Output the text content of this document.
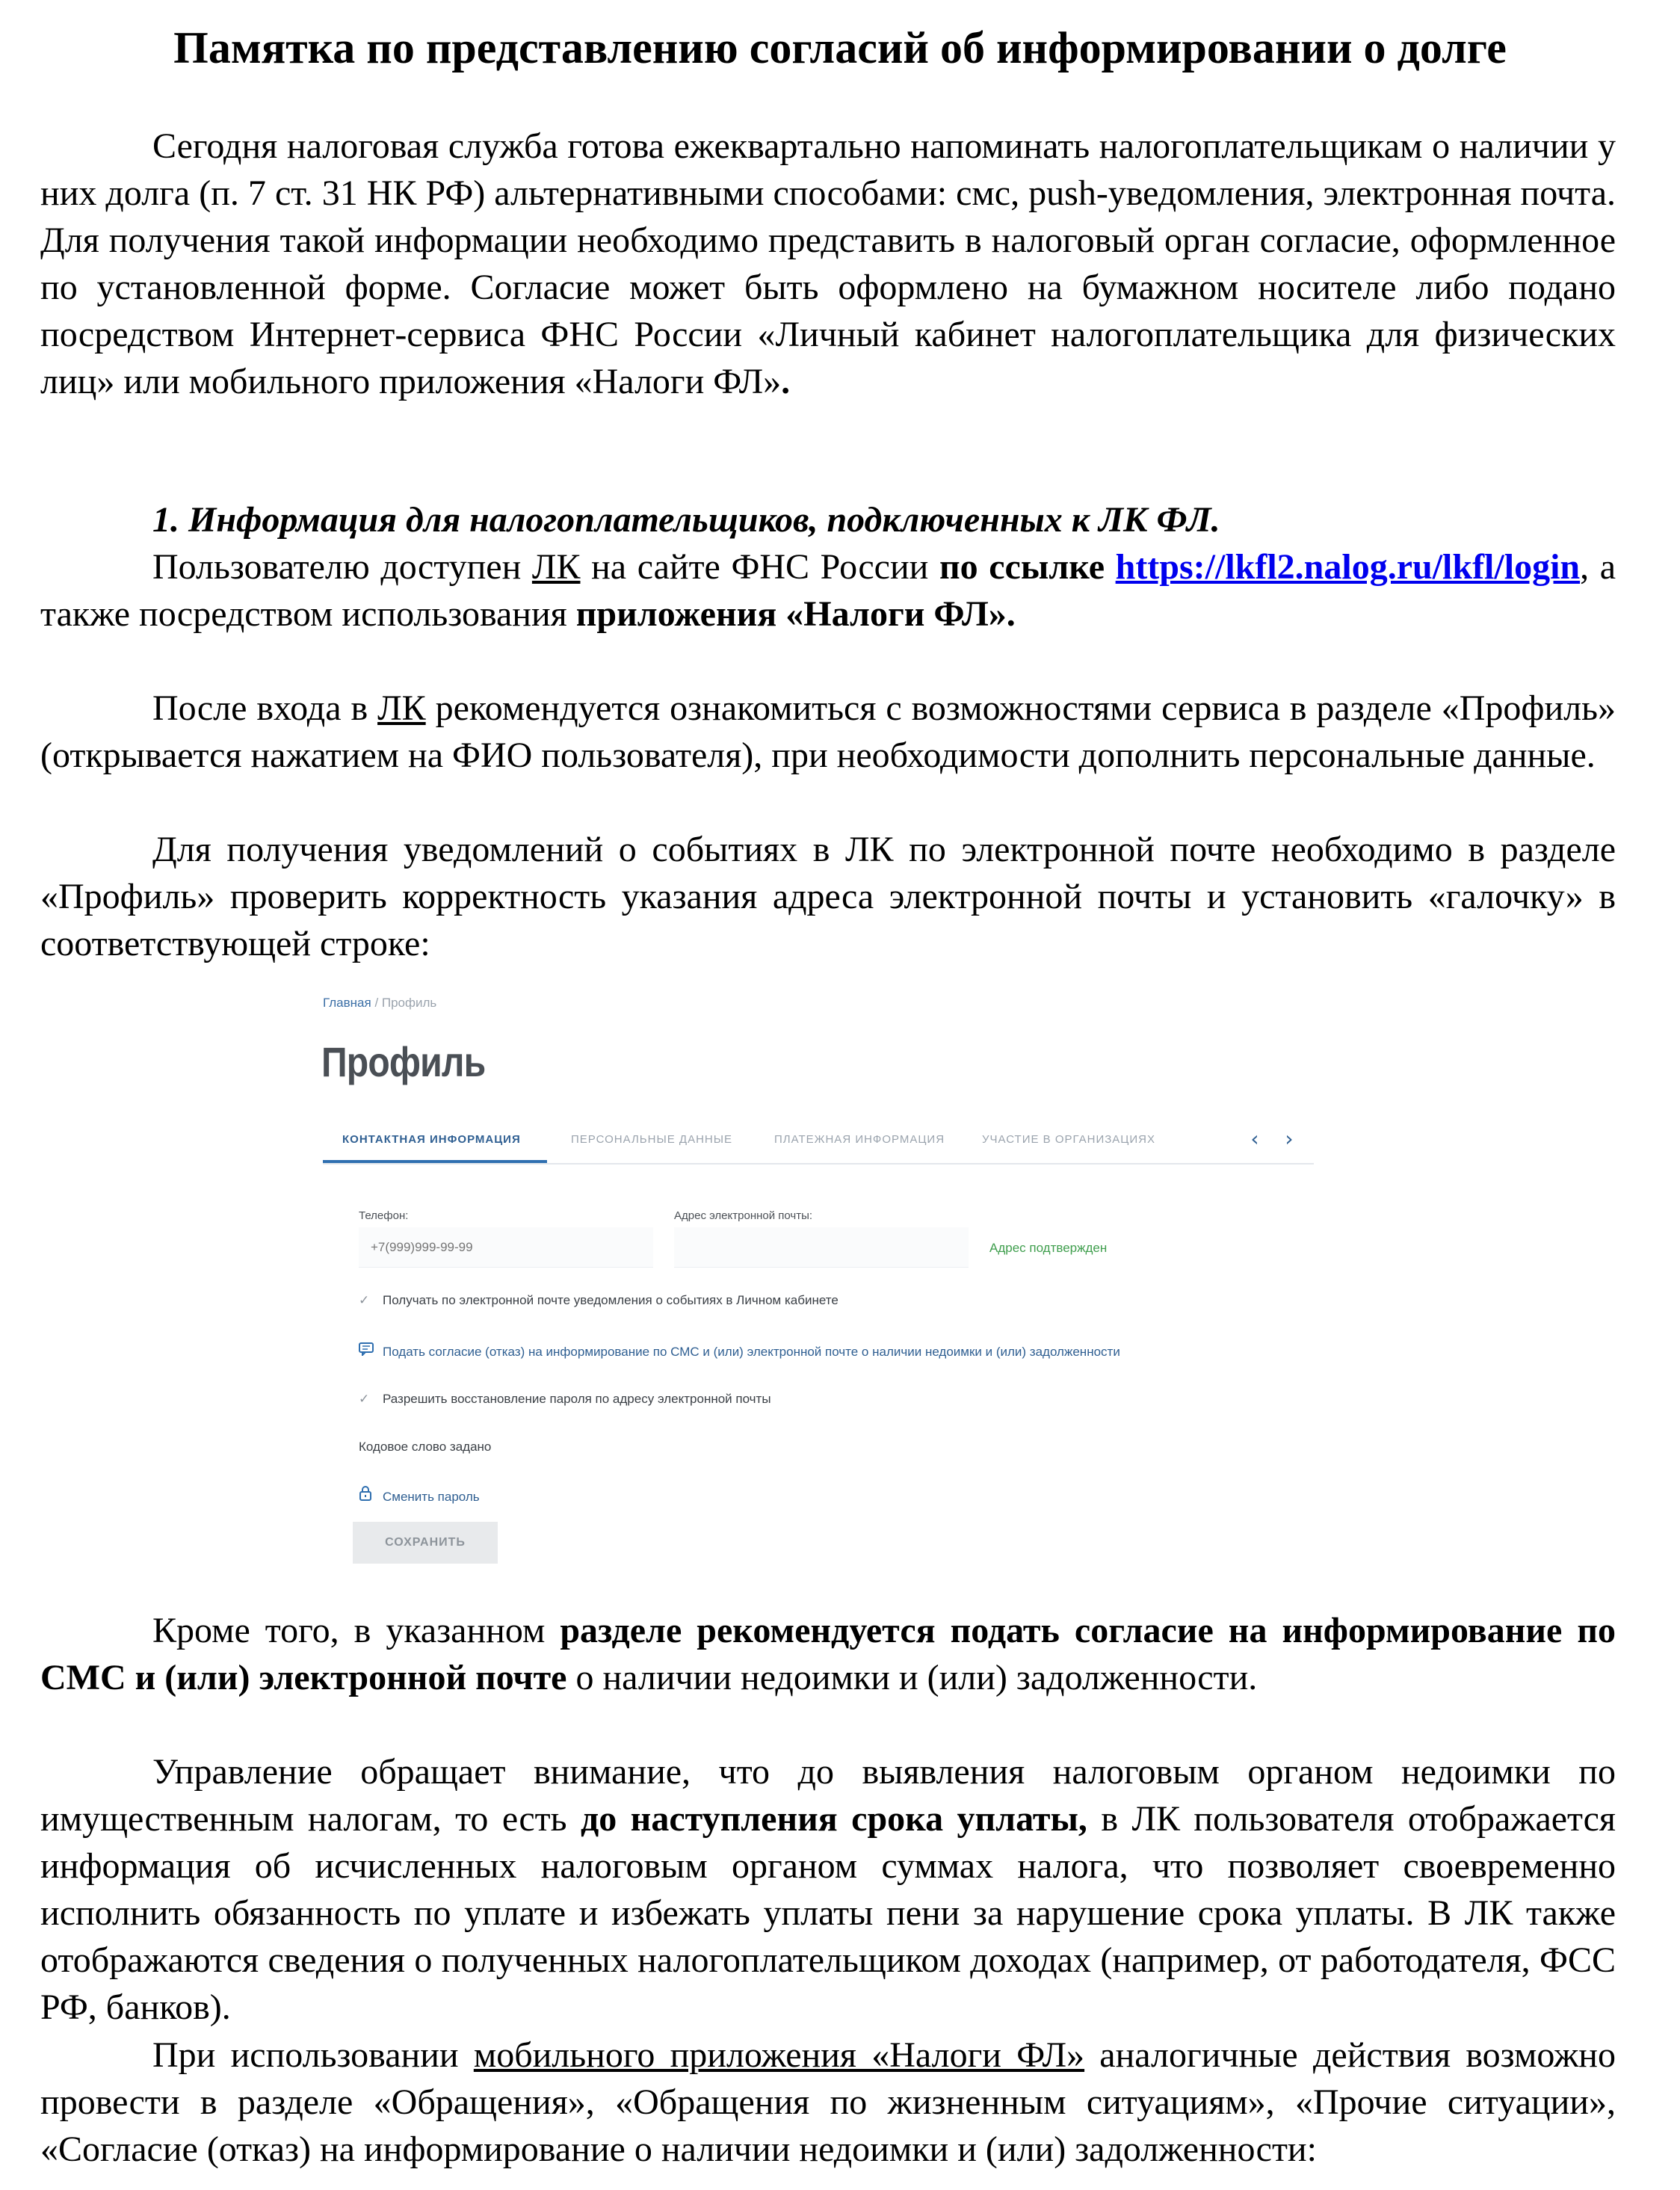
Памятка по представлению согласий об информировании о долге

Сегодня налоговая служба готова ежеквартально напоминать налогоплательщикам о наличии у них долга (п. 7 ст. 31 НК РФ) альтернативными способами: смс, push-уведомления, электронная почта. Для получения такой информации необходимо представить в налоговый орган согласие, оформленное по установленной форме. Согласие может быть оформлено на бумажном носителе либо подано посредством Интернет-сервиса ФНС России «Личный кабинет налогоплательщика для физических лиц» или мобильного приложения «Налоги ФЛ».

1. Информация для налогоплательщиков, подключенных к ЛК ФЛ.

Пользователю доступен ЛК на сайте ФНС России по ссылке https://lkfl2.nalog.ru/lkfl/login, а также посредством использования приложения «Налоги ФЛ».

После входа в ЛК рекомендуется ознакомиться с возможностями сервиса в разделе «Профиль» (открывается нажатием на ФИО пользователя), при необходимости дополнить персональные данные.

Для получения уведомлений о событиях в ЛК по электронной почте необходимо в разделе «Профиль» проверить корректность указания адреса электронной почты и установить «галочку» в соответствующей строке:

Главная / Профиль
Профиль
КОНТАКТНАЯ ИНФОРМАЦИЯ	ПЕРСОНАЛЬНЫЕ ДАННЫЕ	ПЛАТЕЖНАЯ ИНФОРМАЦИЯ	УЧАСТИЕ В ОРГАНИЗАЦИЯХ	‹	›
Телефон:
+7(999)999-99-99	Адрес электронной почты:
Адрес подтвержден
✓ Получать по электронной почте уведомления о событиях в Личном кабинете
Подать согласие (отказ) на информирование по СМС и (или) электронной почте о наличии недоимки и (или) задолженности
✓ Разрешить восстановление пароля по адресу электронной почты
Кодовое слово задано
Сменить пароль
СОХРАНИТЬ

Кроме того, в указанном разделе рекомендуется подать согласие на информирование по СМС и (или) электронной почте о наличии недоимки и (или) задолженности.

Управление обращает внимание, что до выявления налоговым органом недоимки по имущественным налогам, то есть до наступления срока уплаты, в ЛК пользователя отображается информация об исчисленных налоговым органом суммах налога, что позволяет своевременно исполнить обязанность по уплате и избежать уплаты пени за нарушение срока уплаты. В ЛК также отображаются сведения о полученных налогоплательщиком доходах (например, от работодателя, ФСС РФ, банков).

При использовании мобильного приложения «Налоги ФЛ» аналогичные действия возможно провести в разделе «Обращения», «Обращения по жизненным ситуациям», «Прочие ситуации», «Согласие (отказ) на информирование о наличии недоимки и (или) задолженности:
